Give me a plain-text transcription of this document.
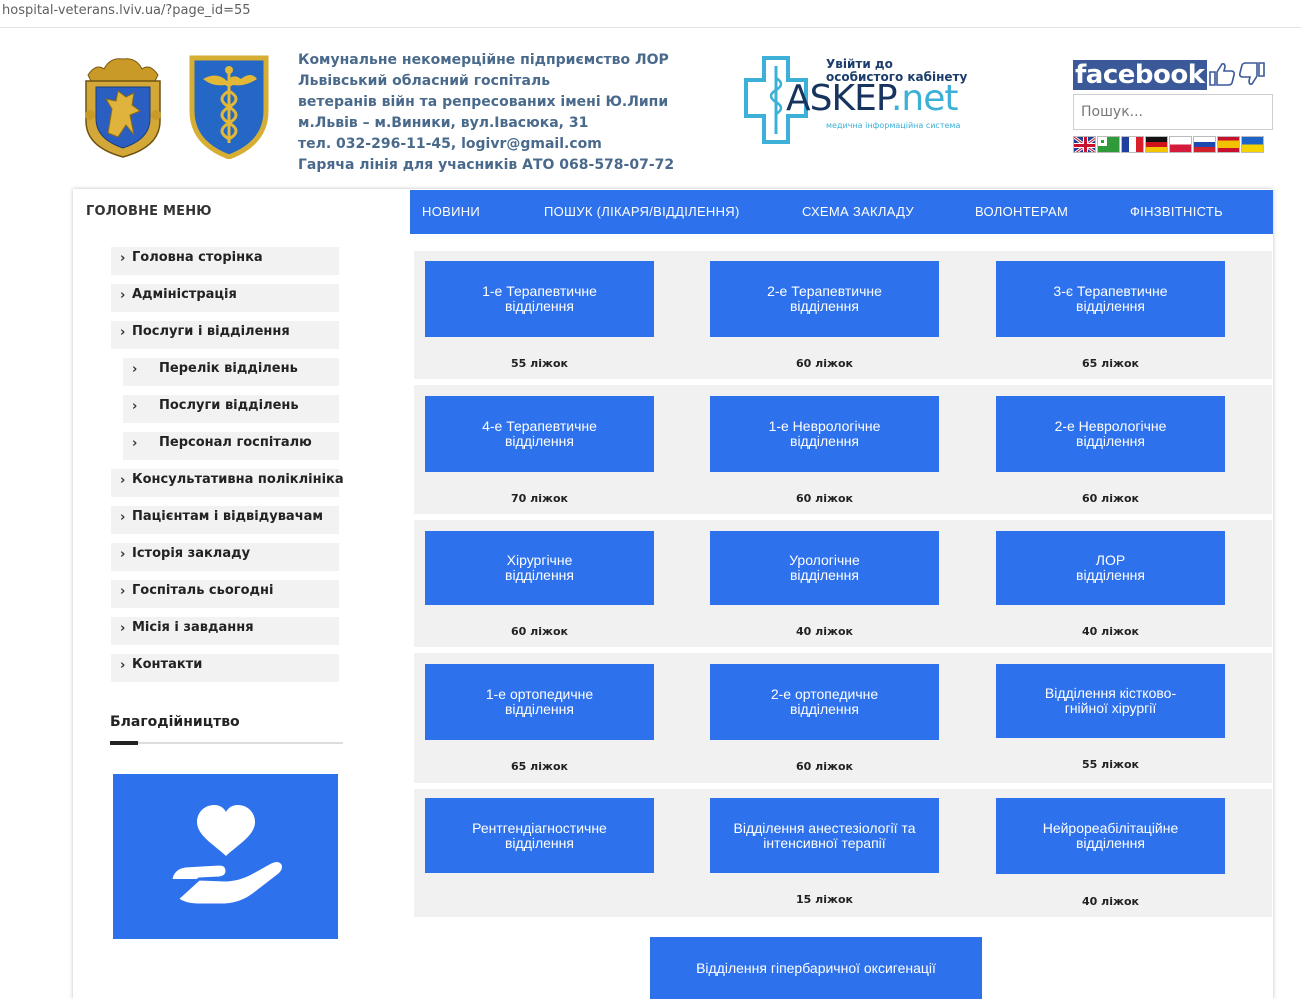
hospital-veterans.lviv.ua/?page_id=55
Комунальне некомерційне підприємство ЛОР
Львівський обласний госпіталь
ветеранів війн та репресованих імені Ю.Липи
м.Львів – м.Виники, вул.Івасюка, 31
тел. 032-296-11-45, logivr@gmail.com
Гаряча лінія для учасників АТО 068-578-07-72
Увійти до
особистого кабінету
ASKEP.net
медична інформаційна система
facebook
Пошук...
ГОЛОВНЕ МЕНЮ
› Головна сторінка
› Адміністрація
› Послуги і відділення
› Перелік відділень
› Послуги відділень
› Персонал госпіталю
› Консультативна поліклініка
› Пацієнтам і відвідувачам
› Історія закладу
› Госпіталь сьогодні
› Місія і завдання
› Контакти
Благодійництво
НОВИНИ	ПОШУК (ЛІКАРЯ/ВІДДІЛЕННЯ)	СХЕМА ЗАКЛАДУ	ВОЛОНТЕРАМ	ФІНЗВІТНІСТЬ
1-е Терапевтичне
відділення
55 ліжок
2-е Терапевтичне
відділення
60 ліжок
3-є Терапевтичне
відділення
65 ліжок
4-е Терапевтичне
відділення
70 ліжок
1-е Неврологічне
відділення
60 ліжок
2-е Неврологічне
відділення
60 ліжок
Хірургічне
відділення
60 ліжок
Урологічне
відділення
40 ліжок
ЛОР
відділення
40 ліжок
1-е ортопедичне
відділення
65 ліжок
2-е ортопедичне
відділення
60 ліжок
Відділення кістково-
гнійної хірургії
55 ліжок
Рентгендіагностичне
відділення
Відділення анестезіології та
інтенсивної терапії
15 ліжок
Нейрореабілітаційне
відділення
40 ліжок
Відділення гіпербаричної оксигенації
